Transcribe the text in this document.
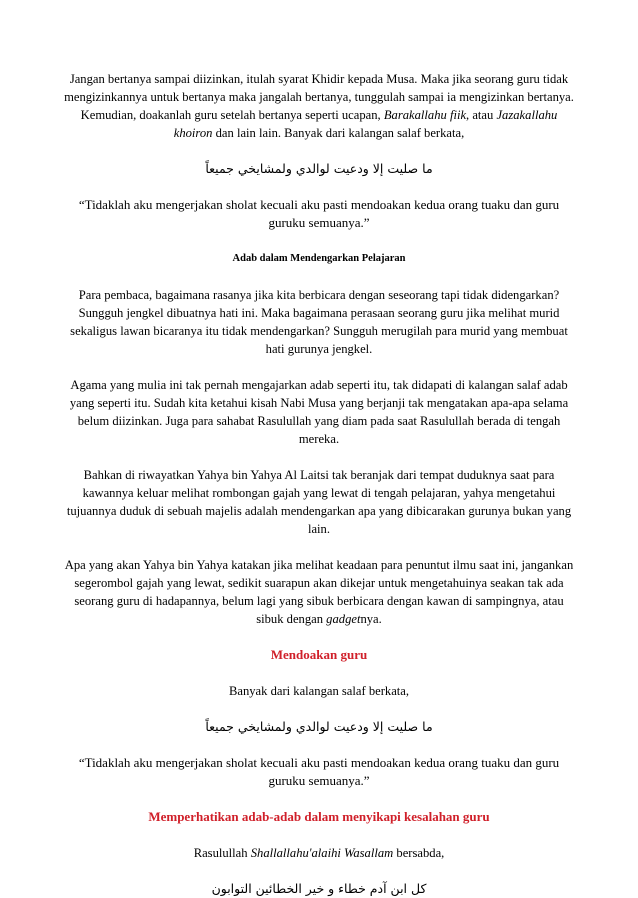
Jangan bertanya sampai diizinkan, itulah syarat Khidir kepada Musa. Maka jika seorang guru tidak mengizinkannya untuk bertanya maka jangalah bertanya, tunggulah sampai ia mengizinkan bertanya. Kemudian, doakanlah guru setelah bertanya seperti ucapan, Barakallahu fiik, atau Jazakallahu khoiron dan lain lain. Banyak dari kalangan salaf berkata,

ما صليت إلا ودعيت لوالدي ولمشايخي جميعاً

“Tidaklah aku mengerjakan sholat kecuali aku pasti mendoakan kedua orang tuaku dan guru guruku semuanya.”

Adab dalam Mendengarkan Pelajaran

Para pembaca, bagaimana rasanya jika kita berbicara dengan seseorang tapi tidak didengarkan? Sungguh jengkel dibuatnya hati ini. Maka bagaimana perasaan seorang guru jika melihat murid sekaligus lawan bicaranya itu tidak mendengarkan? Sungguh merugilah para murid yang membuat hati gurunya jengkel.

Agama yang mulia ini tak pernah mengajarkan adab seperti itu, tak didapati di kalangan salaf adab yang seperti itu. Sudah kita ketahui kisah Nabi Musa yang berjanji tak mengatakan apa-apa selama belum diizinkan. Juga para sahabat Rasulullah yang diam pada saat Rasulullah berada di tengah mereka.

Bahkan di riwayatkan Yahya bin Yahya Al Laitsi tak beranjak dari tempat duduknya saat para kawannya keluar melihat rombongan gajah yang lewat di tengah pelajaran, yahya mengetahui tujuannya duduk di sebuah majelis adalah mendengarkan apa yang dibicarakan gurunya bukan yang lain.

Apa yang akan Yahya bin Yahya katakan jika melihat keadaan para penuntut ilmu saat ini, jangankan segerombol gajah yang lewat, sedikit suarapun akan dikejar untuk mengetahuinya seakan tak ada seorang guru di hadapannya, belum lagi yang sibuk berbicara dengan kawan di sampingnya, atau sibuk dengan gadgetnya.

Mendoakan guru

Banyak dari kalangan salaf berkata,

ما صليت إلا ودعيت لوالدي ولمشايخي جميعاً

“Tidaklah aku mengerjakan sholat kecuali aku pasti mendoakan kedua orang tuaku dan guru guruku semuanya.”

Memperhatikan adab-adab dalam menyikapi kesalahan guru

Rasulullah Shallallahu'alaihi Wasallam bersabda,

كل ابن آدم خطاء و خير الخطائين التوابون
